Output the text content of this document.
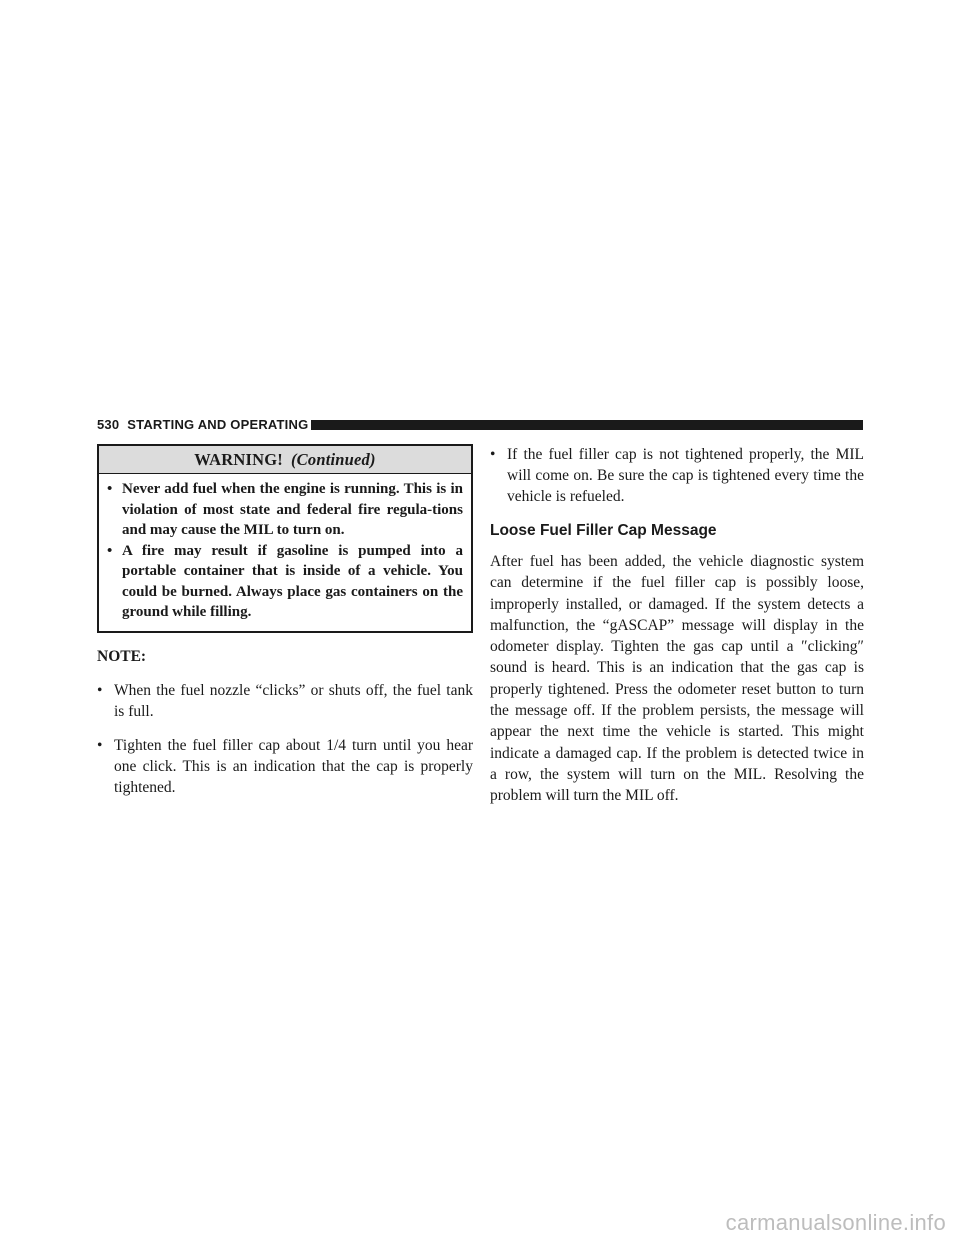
530 STARTING AND OPERATING
WARNING! (Continued)
• Never add fuel when the engine is running. This is in violation of most state and federal fire regula-tions and may cause the MIL to turn on.
• A fire may result if gasoline is pumped into a portable container that is inside of a vehicle. You could be burned. Always place gas containers on the ground while filling.
NOTE:
• When the fuel nozzle “clicks” or shuts off, the fuel tank is full.
• Tighten the fuel filler cap about 1/4 turn until you hear one click. This is an indication that the cap is properly tightened.
• If the fuel filler cap is not tightened properly, the MIL will come on. Be sure the cap is tightened every time the vehicle is refueled.
Loose Fuel Filler Cap Message
After fuel has been added, the vehicle diagnostic system can determine if the fuel filler cap is possibly loose, improperly installed, or damaged. If the system detects a malfunction, the “gASCAP” message will display in the odometer display. Tighten the gas cap until a ″clicking″ sound is heard. This is an indication that the gas cap is properly tightened. Press the odometer reset button to turn the message off. If the problem persists, the message will appear the next time the vehicle is started. This might indicate a damaged cap. If the problem is detected twice in a row, the system will turn on the MIL. Resolving the problem will turn the MIL off.
carmanualsonline.info
